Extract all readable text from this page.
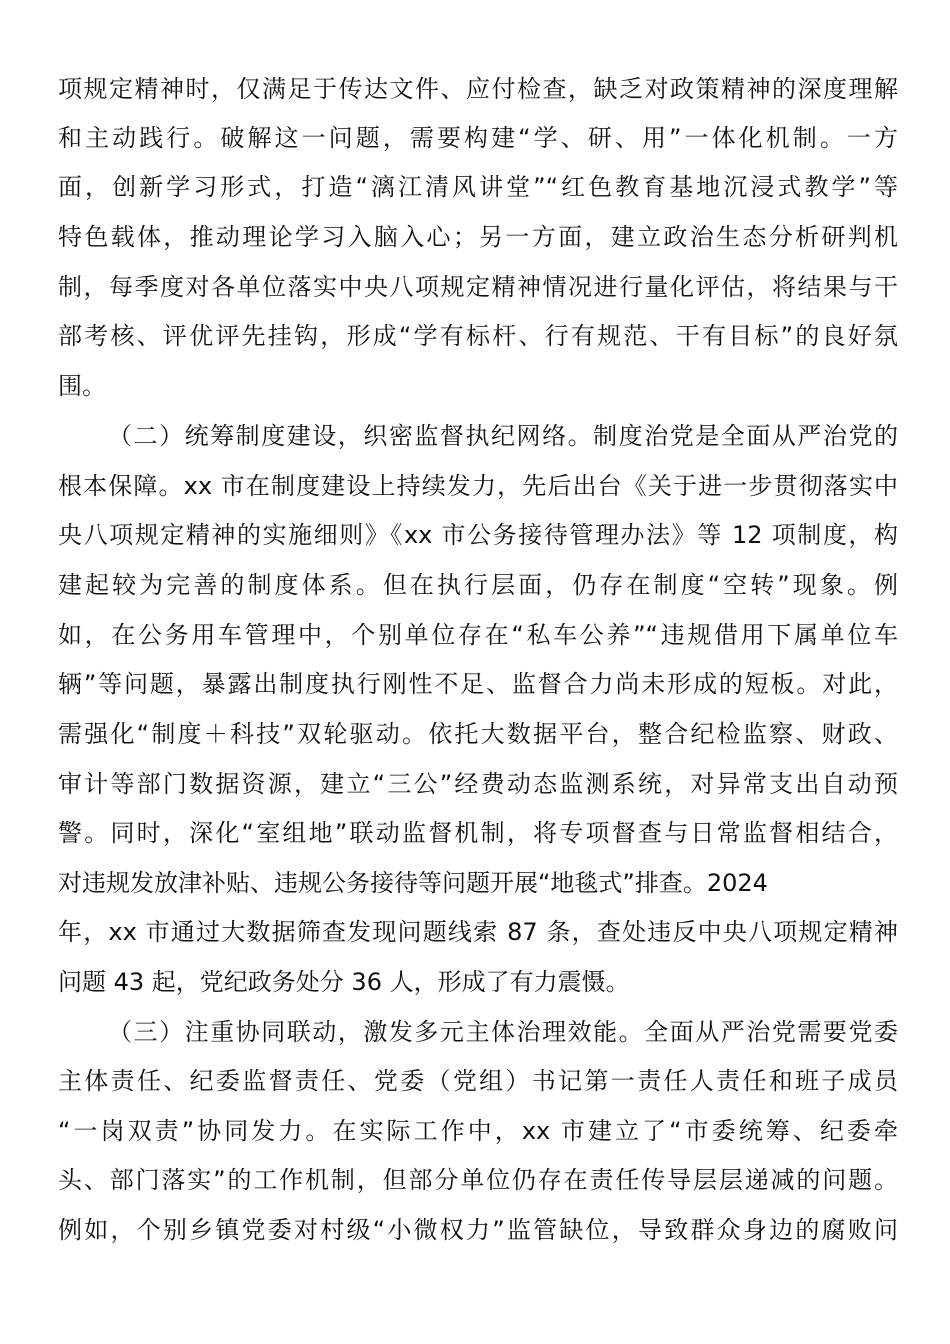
项规定精神时，仅满足于传达文件、应付检查，缺乏对政策精神的深度理解
和主动践行。破解这一问题，需要构建“学、研、用”一体化机制。一方
面，创新学习形式，打造“漓江清风讲堂”“红色教育基地沉浸式教学”等
特色载体，推动理论学习入脑入心；另一方面，建立政治生态分析研判机
制，每季度对各单位落实中央八项规定精神情况进行量化评估，将结果与干
部考核、评优评先挂钩，形成“学有标杆、行有规范、干有目标”的良好氛
围。
（二）统筹制度建设，织密监督执纪网络。制度治党是全面从严治党的
根本保障。xx 市在制度建设上持续发力，先后出台《关于进一步贯彻落实中
央八项规定精神的实施细则》《xx 市公务接待管理办法》等 12 项制度，构
建起较为完善的制度体系。但在执行层面，仍存在制度“空转”现象。例
如，在公务用车管理中，个别单位存在“私车公养”“违规借用下属单位车
辆”等问题，暴露出制度执行刚性不足、监督合力尚未形成的短板。对此，
需强化“制度＋科技”双轮驱动。依托大数据平台，整合纪检监察、财政、
审计等部门数据资源，建立“三公”经费动态监测系统，对异常支出自动预
警。同时，深化“室组地”联动监督机制，将专项督查与日常监督相结合，
对违规发放津补贴、违规公务接待等问题开展“地毯式”排查。2024
年，xx 市通过大数据筛查发现问题线索 87 条，查处违反中央八项规定精神
问题 43 起，党纪政务处分 36 人，形成了有力震慑。
（三）注重协同联动，激发多元主体治理效能。全面从严治党需要党委
主体责任、纪委监督责任、党委（党组）书记第一责任人责任和班子成员
“一岗双责”协同发力。在实际工作中，xx 市建立了“市委统筹、纪委牵
头、部门落实”的工作机制，但部分单位仍存在责任传导层层递减的问题。
例如，个别乡镇党委对村级“小微权力”监管缺位，导致群众身边的腐败问
